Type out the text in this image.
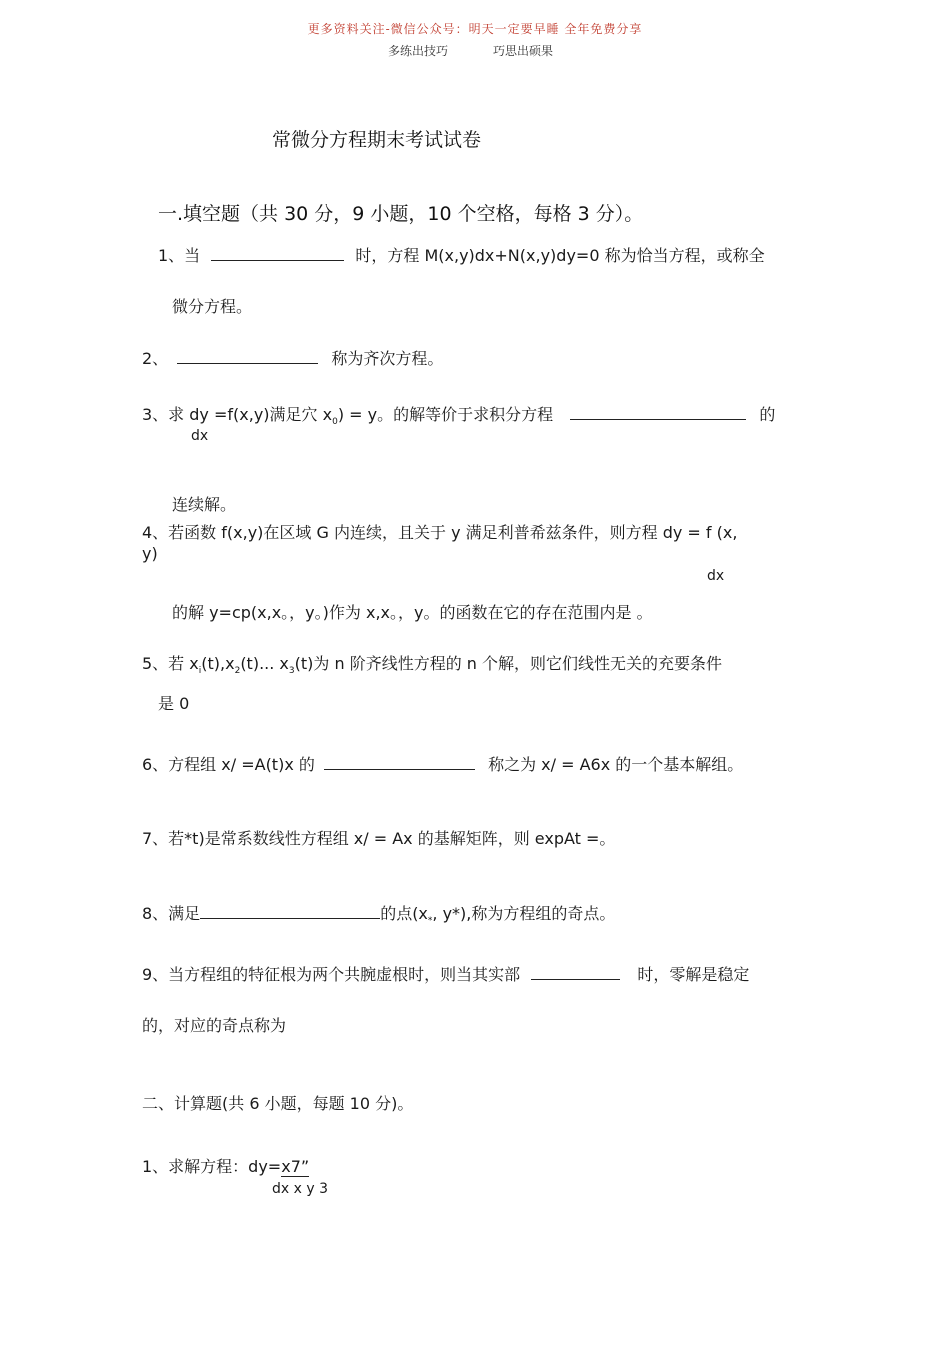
更多资料关注-微信公众号：明天一定要早睡 全年免费分享
多练出技巧	巧思出硕果
常微分方程期末考试试卷
一.填空题（共 30 分，9 小题，10 个空格，每格 3 分）。
1、当	时，方程 M(x,y)dx+N(x,y)dy=0 称为恰当方程，或称全
微分方程。
2、	称为齐次方程。
3、求 dy =f(x,y)满足穴 $x_0) = y$。的解等价于求积分方程	的
dx
连续解。
4、若函数 f(x,y)在区域 G 内连续，且关于 y 满足利普希兹条件，则方程 dy = f (x,
y)
dx
的解 y=cp(x,x。，y。)作为 x,x。，y。的函数在它的存在范围内是 。
5、若 $x_i(t),x_2(t)$... $x_3(t)$为 n 阶齐线性方程的 n 个解，则它们线性无关的充要条件
是 0
6、方程组 x/ =A(t)x 的	称之为 x/ = A6x 的一个基本解组。
7、若*t)是常系数线性方程组 x/ = Ax 的基解矩阵，则 expAt =。
8、满足	的点($x_*$, y*),称为方程组的奇点。
9、当方程组的特征根为两个共腕虚根时，则当其实部	时，零解是稳定
的，对应的奇点称为
二、计算题(共 6 小题，每题 10 分)。
1、求解方程：dy=x7”
dx x y 3
